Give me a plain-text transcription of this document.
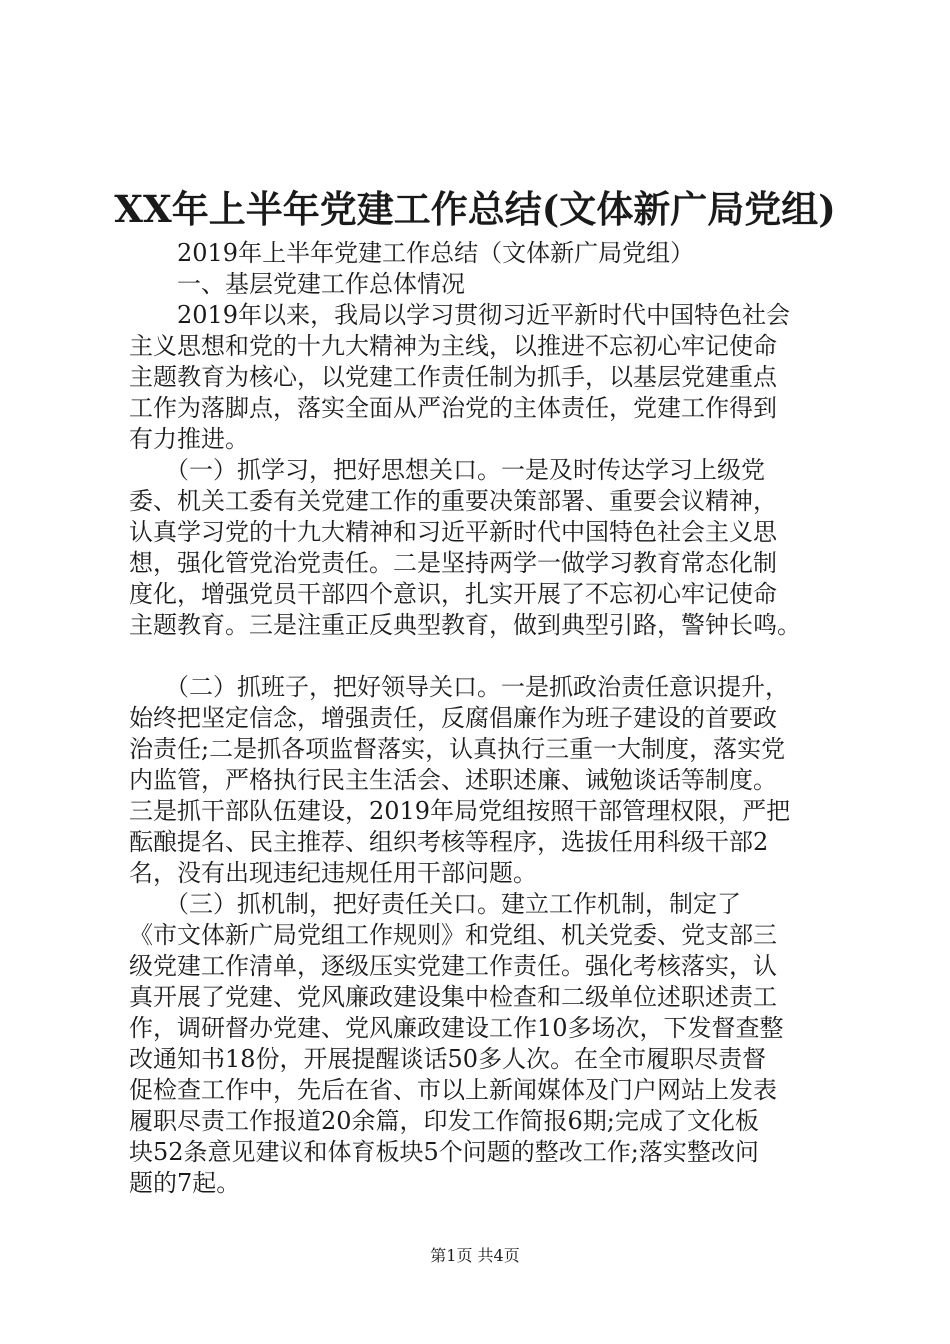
XX年上半年党建工作总结(文体新广局党组)
　　2019年上半年党建工作总结（文体新广局党组）
　　一、基层党建工作总体情况
　　2019年以来，我局以学习贯彻习近平新时代中国特色社会
主义思想和党的十九大精神为主线，以推进不忘初心牢记使命
主题教育为核心，以党建工作责任制为抓手，以基层党建重点
工作为落脚点，落实全面从严治党的主体责任，党建工作得到
有力推进。
　　（一）抓学习，把好思想关口。一是及时传达学习上级党
委、机关工委有关党建工作的重要决策部署、重要会议精神，
认真学习党的十九大精神和习近平新时代中国特色社会主义思
想，强化管党治党责任。二是坚持两学一做学习教育常态化制
度化，增强党员干部四个意识，扎实开展了不忘初心牢记使命
主题教育。三是注重正反典型教育，做到典型引路，警钟长鸣。
　　（二）抓班子，把好领导关口。一是抓政治责任意识提升，
始终把坚定信念，增强责任，反腐倡廉作为班子建设的首要政
治责任;二是抓各项监督落实，认真执行三重一大制度，落实党
内监管，严格执行民主生活会、述职述廉、诫勉谈话等制度。
三是抓干部队伍建设，2019年局党组按照干部管理权限，严把
酝酿提名、民主推荐、组织考核等程序，选拔任用科级干部2
名，没有出现违纪违规任用干部问题。
　　（三）抓机制，把好责任关口。建立工作机制，制定了
《市文体新广局党组工作规则》和党组、机关党委、党支部三
级党建工作清单，逐级压实党建工作责任。强化考核落实，认
真开展了党建、党风廉政建设集中检查和二级单位述职述责工
作，调研督办党建、党风廉政建设工作10多场次，下发督查整
改通知书18份，开展提醒谈话50多人次。在全市履职尽责督
促检查工作中，先后在省、市以上新闻媒体及门户网站上发表
履职尽责工作报道20余篇，印发工作简报6期;完成了文化板
块52条意见建议和体育板块5个问题的整改工作;落实整改问
题的7起。
第1页 共4页
